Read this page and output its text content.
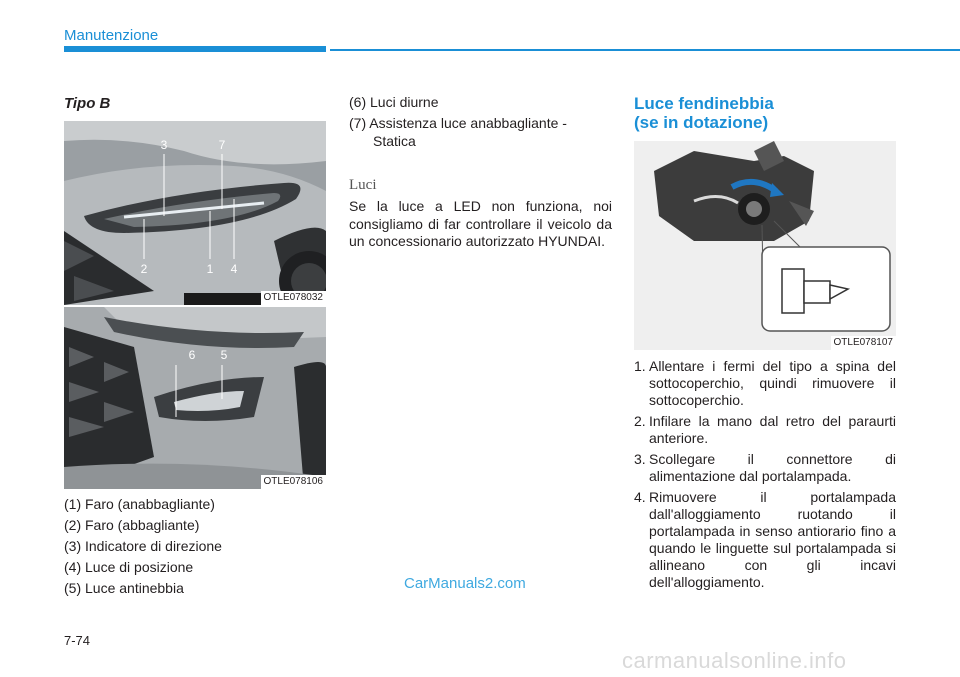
Manutenzione
Tipo B
3	7
2	1 4
OTLE078032
6 5
OTLE078106
(1) Faro (anabbagliante)
(2) Faro (abbagliante)
(3) Indicatore di direzione
(4) Luce di posizione
(5) Luce antinebbia
(6) Luci diurne
(7) Assistenza luce anabbagliante -
Statica
Luci

Se la luce a LED non funziona, noi consigliamo di far controllare il veicolo da un concessionario autorizzato HYUNDAI.

Luce fendinebbia
(se in dotazione)
OTLE078107
1. Allentare i fermi del tipo a spina del sottocoperchio, quindi rimuovere il sottocoperchio.
2. Infilare la mano dal retro del paraurti anteriore.
3. Scollegare il connettore di alimentazione dal portalampada.
4. Rimuovere il portalampada dall'alloggiamento ruotando il portalampada in senso antiorario fino a quando le linguette sul portalampada si allineano con gli incavi dell'alloggiamento.
CarManuals2.com
7-74
carmanualsonline.info
